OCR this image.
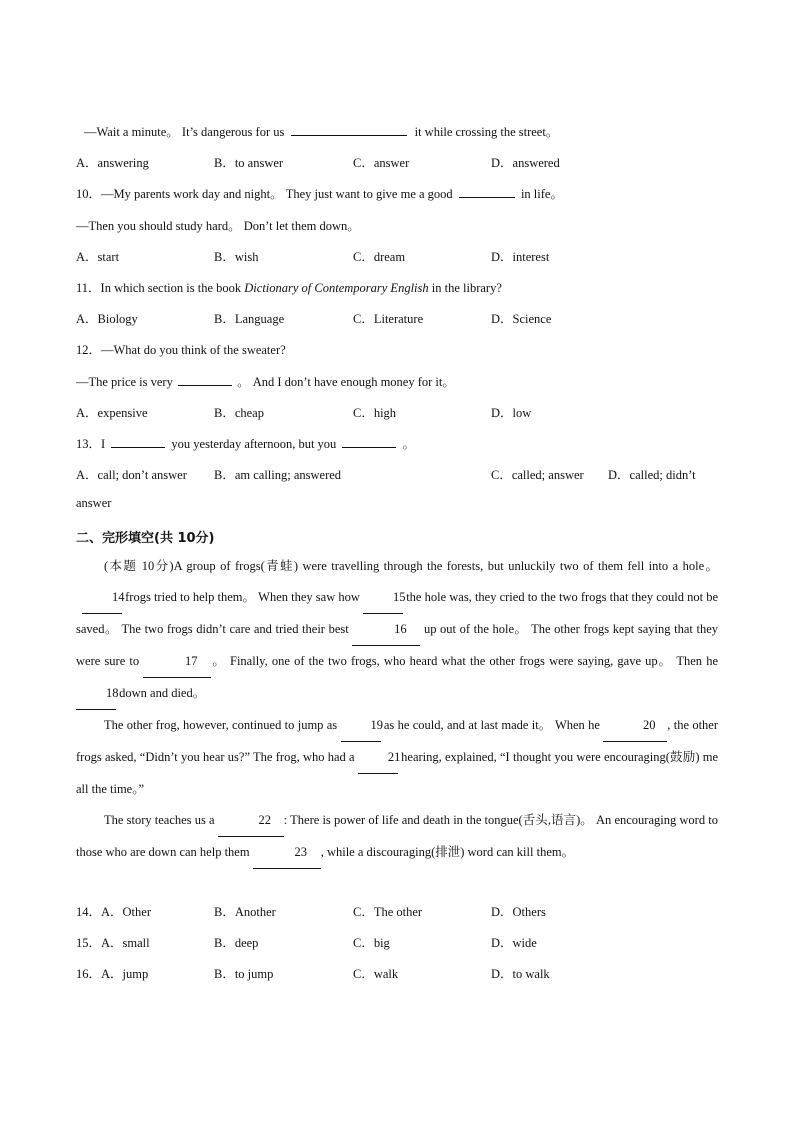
—Wait a minute。 It’s dangerous for us	it while crossing the street。
A．answering	B．to answer	C．answer	D．answered
10．—My parents work day and night。 They just want to give me a good	in life。
—Then you should study hard。 Don’t let them down。
A．start	B．wish	C．dream	D．interest
11．In which section is the book Dictionary of Contemporary English in the library?
A．Biology	B．Language	C．Literature	D．Science
12．—What do you think of the sweater?
—The price is very	。 And I don’t have enough money for it。
A．expensive	B．cheap	C．high	D．low
13．I	you yesterday afternoon, but you	。
A．call; don’t answer B．am calling; answered	C．called; answer D．called; didn’t
answer
二、完形填空(共 10分)

(本题 10分)A group of frogs(青蛙) were travelling through the forests, but unluckily two of them fell into a hole。 14 frogs tried to help them。 When they saw how	15 the hole was, they cried to the two frogs that they could not be saved。 The two frogs didn’t care and tried their best	16 up out of the hole。 The other frogs kept saying that they were sure to	17 。 Finally, one of the two frogs, who heard what the other frogs were saying, gave up。 Then he 18 down and died。

The other frog, however, continued to jump as	19 as he could, and at last made it。 When he	20 , the other frogs asked, “Didn’t you hear us?” The frog, who had a	21 hearing, explained, “I thought you were encouraging(鼓励) me all the time。”

The story teaches us a	22 : There is power of life and death in the tongue(舌头,语言)。 An encouraging word to those who are down can help them	23 , while a discouraging(排泄) word can kill them。

14．A．Other	B．Another	C．The other	D．Others
15．A．small	B．deep	C．big	D．wide
16．A．jump	B．to jump	C．walk	D．to walk
